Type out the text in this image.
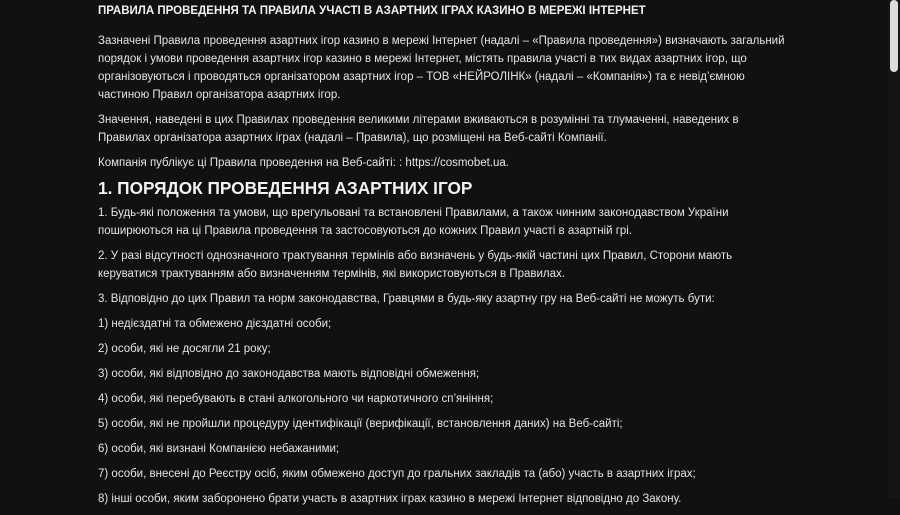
ПРАВИЛА ПРОВЕДЕННЯ ТА ПРАВИЛА УЧАСТІ В АЗАРТНИХ ІГРАХ КАЗИНО В МЕРЕЖІ ІНТЕРНЕТ

Зазначені Правила проведення азартних ігор казино в мережі Інтернет (надалі – «Правила проведення») визначають загальний порядок і умови проведення азартних ігор казино в мережі Інтернет, містять правила участі в тих видах азартних ігор, що організовуються і проводяться організатором азартних ігор – ТОВ «НЕЙРОЛІНК» (надалі – «Компанія») та є невід’ємною частиною Правил організатора азартних ігор.

Значення, наведені в цих Правилах проведення великими літерами вживаються в розумінні та тлумаченні, наведених в Правилах організатора азартних ігрaх (надалі – Правила), що розміщені на Веб-сайті Компанії.

Компанія публікує ці Правила проведення на Веб-сайті: : https://cosmobet.ua.

1. ПОРЯДОК ПРОВЕДЕННЯ АЗАРТНИХ ІГОР

1. Будь-які положення та умови, що врегульовані та встановлені Правилами, а також чинним законодавством України поширюються на ці Правила проведення та застосовуються до кожних Правил участі в азартній грі.

2. У разі відсутності однозначного трактування термінів або визначень у будь-якій частині цих Правил, Сторони мають керуватися трактуванням або визначенням термінів, які використовуються в Правилах.

3. Відповідно до цих Правил та норм законодавства, Гравцями в будь-яку азартну гру на Веб-сайті не можуть бути:

1) недієздатні та обмежено дієздатні особи;

2) особи, які не досягли 21 року;

3) особи, які відповідно до законодавства мають відповідні обмеження;

4) особи, які перебувають в стані алкогольного чи наркотичного сп’яніння;

5) особи, які не пройшли процедуру ідентифікації (верифікації, встановлення даних) на Веб-сайті;

6) особи, які визнані Компанією небажаними;

7) особи, внесені до Реєстру осіб, яким обмежено доступ до гральних закладів та (або) участь в азартних іграх;

8) інші особи, яким заборонено брати участь в азартних іграх казино в мережі Інтернет відповідно до Закону.
